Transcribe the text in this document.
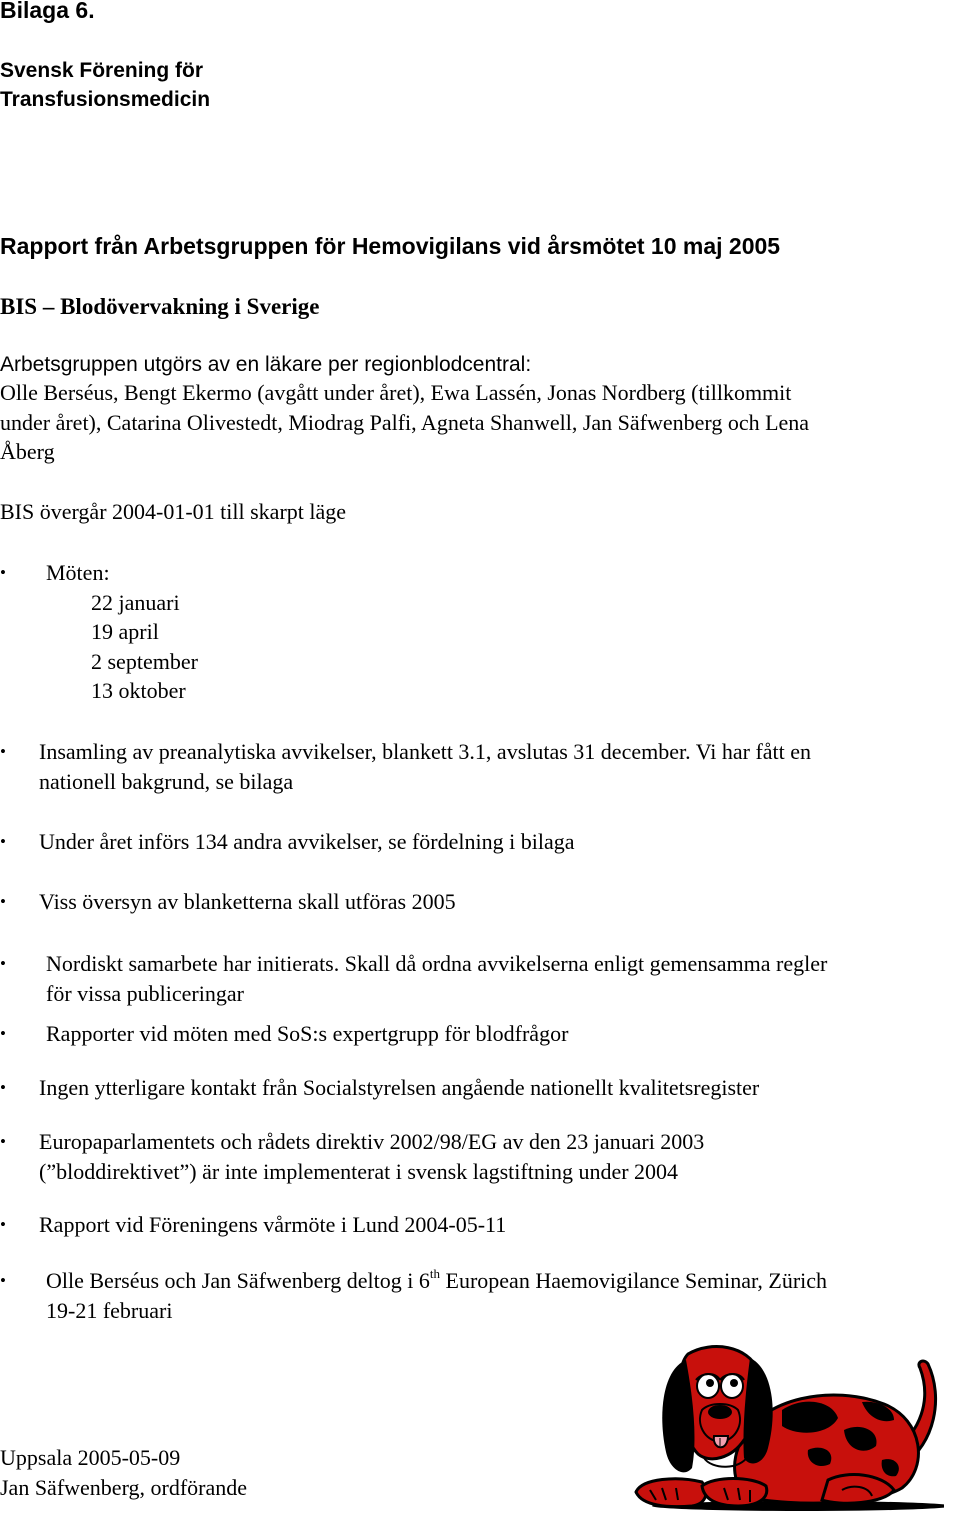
Bilaga 6.
Svensk Förening för
Transfusionsmedicin
Rapport från Arbetsgruppen för Hemovigilans vid årsmötet 10 maj 2005
BIS – Blodövervakning i Sverige
Arbetsgruppen utgörs av en läkare per regionblodcentral:
Olle Berséus, Bengt Ekermo (avgått under året), Ewa Lassén, Jonas Nordberg (tillkommit
under året), Catarina Olivestedt, Miodrag Palfi, Agneta Shanwell, Jan Säfwenberg och Lena
Åberg
BIS övergår 2004-01-01 till skarpt läge
• Möten:
22 januari
19 april
2 september
13 oktober
• Insamling av preanalytiska avvikelser, blankett 3.1, avslutas 31 december. Vi har fått en
nationell bakgrund, se bilaga
• Under året införs 134 andra avvikelser, se fördelning i bilaga
• Viss översyn av blanketterna skall utföras 2005
• Nordiskt samarbete har initierats. Skall då ordna avvikelserna enligt gemensamma regler
för vissa publiceringar
• Rapporter vid möten med SoS:s expertgrupp för blodfrågor
• Ingen ytterligare kontakt från Socialstyrelsen angående nationellt kvalitetsregister
• Europaparlamentets och rådets direktiv 2002/98/EG av den 23 januari 2003
(”bloddirektivet”) är inte implementerat i svensk lagstiftning under 2004
• Rapport vid Föreningens vårmöte i Lund 2004-05-11
• Olle Berséus och Jan Säfwenberg deltog i 6th European Haemovigilance Seminar, Zürich
19-21 februari
Uppsala 2005-05-09
Jan Säfwenberg, ordförande
